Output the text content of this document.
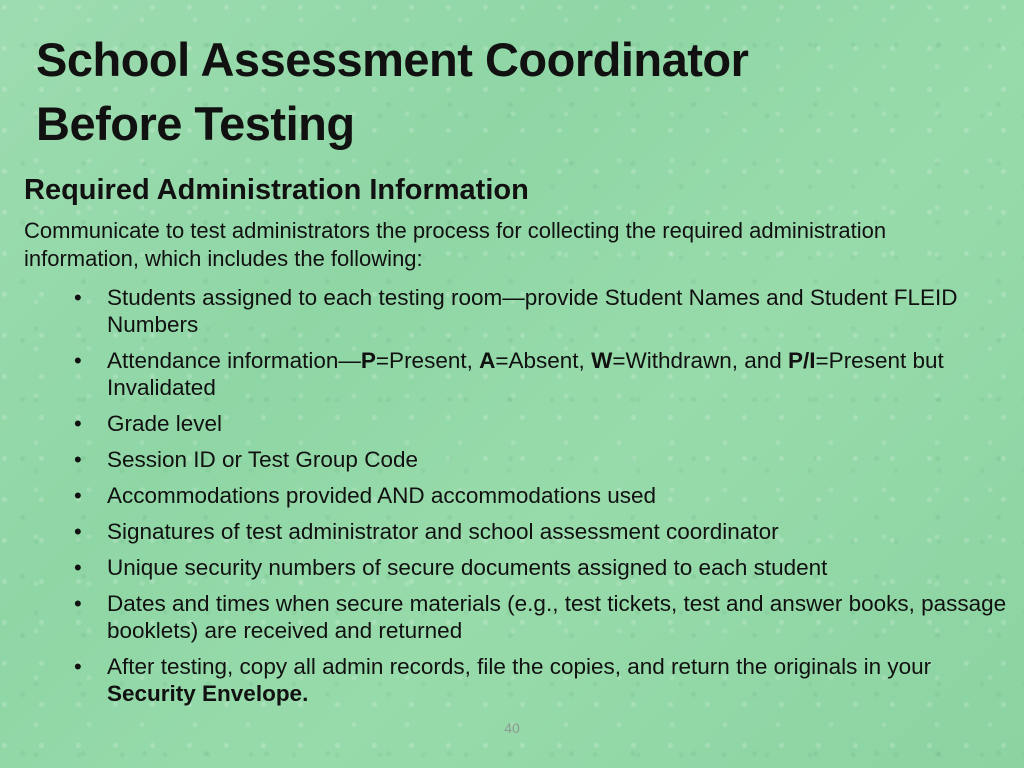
School Assessment Coordinator
Before Testing
Required Administration Information

Communicate to test administrators the process for collecting the required administration information, which includes the following:

• Students assigned to each testing room—provide Student Names and Student FLEID Numbers
• Attendance information—P=Present, A=Absent, W=Withdrawn, and P/I=Present but Invalidated
• Grade level
• Session ID or Test Group Code
• Accommodations provided AND accommodations used
• Signatures of test administrator and school assessment coordinator
• Unique security numbers of secure documents assigned to each student
• Dates and times when secure materials (e.g., test tickets, test and answer books, passage booklets) are received and returned
• After testing, copy all admin records, file the copies, and return the originals in your Security Envelope.
40
